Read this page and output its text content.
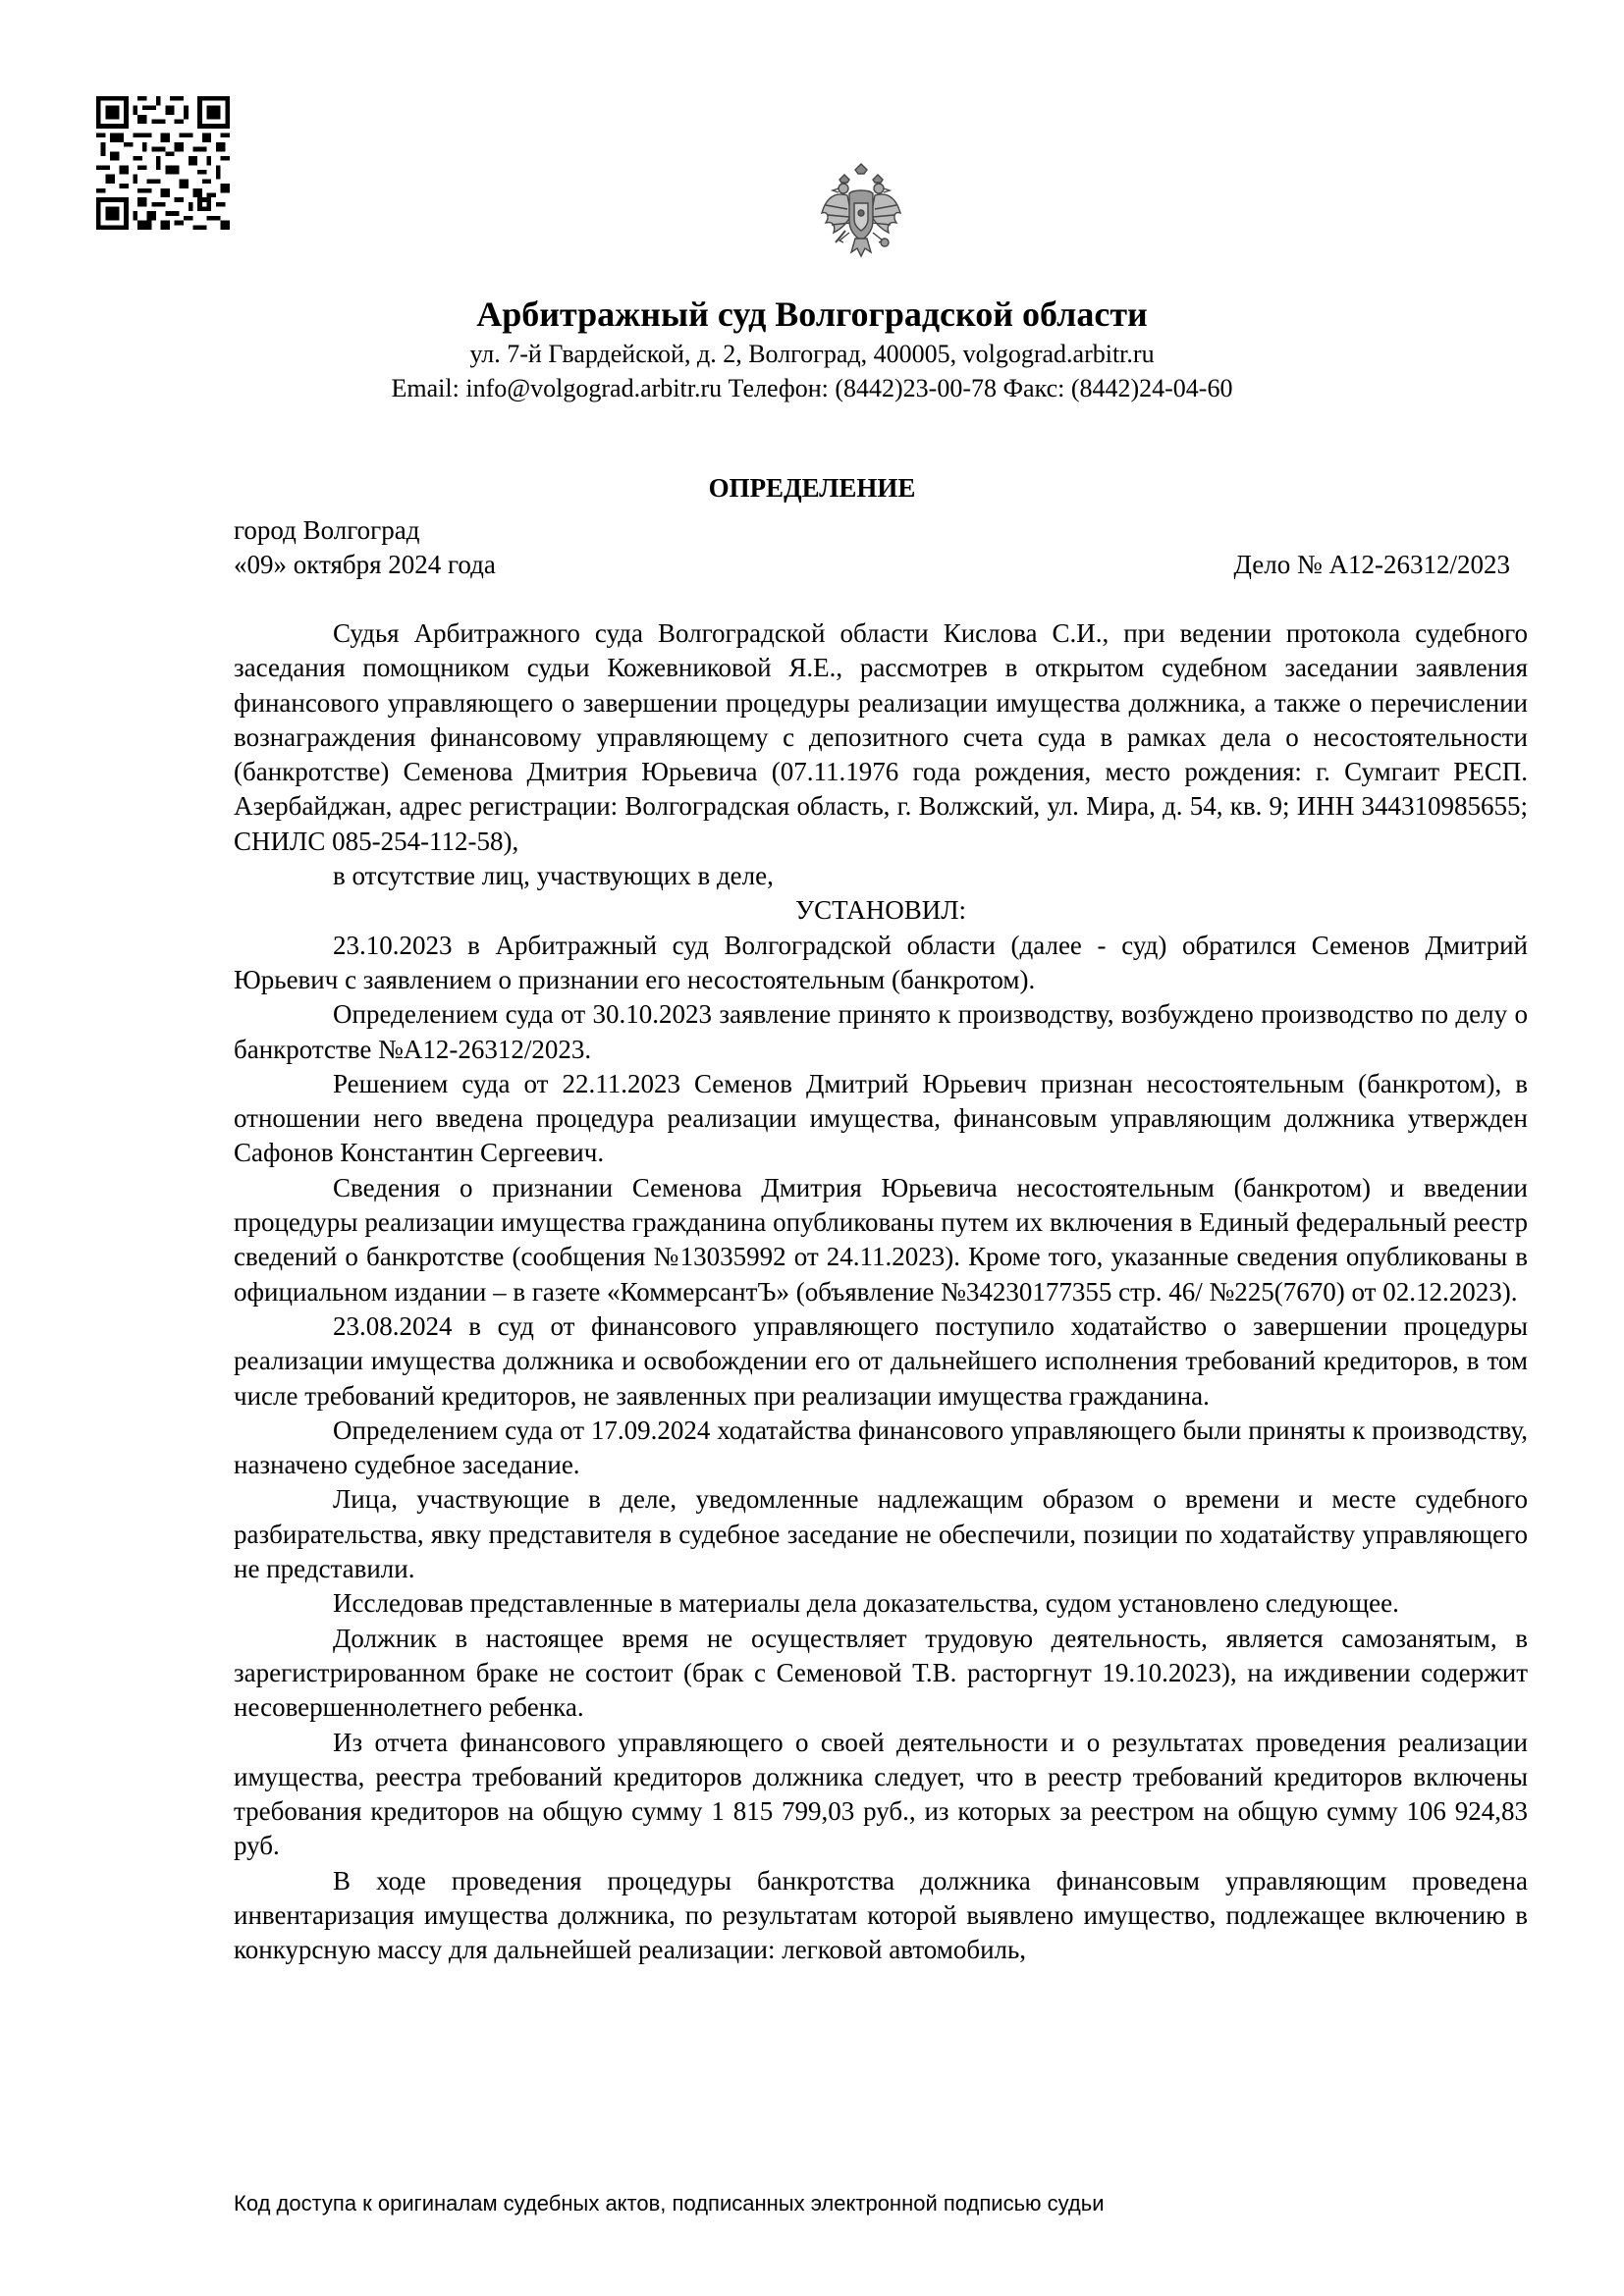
Арбитражный суд Волгоградской области

ул. 7-й Гвардейской, д. 2, Волгоград, 400005, volgograd.arbitr.ru

Email: info@volgograd.arbitr.ru Телефон: (8442)23-00-78 Факс: (8442)24-04-60

ОПРЕДЕЛЕНИЕ
город Волгоград
«09» октября 2024 года	Дело № А12-26312/2023

Судья Арбитражного суда Волгоградской области Кислова С.И., при ведении протокола судебного заседания помощником судьи Кожевниковой Я.Е., рассмотрев в открытом судебном заседании заявления финансового управляющего о завершении процедуры реализации имущества должника, а также о перечислении вознаграждения финансовому управляющему с депозитного счета суда в рамках дела о несостоятельности (банкротстве) Семенова Дмитрия Юрьевича (07.11.1976 года рождения, место рождения: г. Сумгаит РЕСП. Азербайджан, адрес регистрации: Волгоградская область, г. Волжский, ул. Мира, д. 54, кв. 9; ИНН 344310985655; СНИЛС 085-254-112-58),

в отсутствие лиц, участвующих в деле,

УСТАНОВИЛ:

23.10.2023 в Арбитражный суд Волгоградской области (далее - суд) обратился Семенов Дмитрий Юрьевич с заявлением о признании его несостоятельным (банкротом).

Определением суда от 30.10.2023 заявление принято к производству, возбуждено производство по делу о банкротстве №А12-26312/2023.

Решением суда от 22.11.2023 Семенов Дмитрий Юрьевич признан несостоятельным (банкротом), в отношении него введена процедура реализации имущества, финансовым управляющим должника утвержден Сафонов Константин Сергеевич.

Сведения о признании Семенова Дмитрия Юрьевича несостоятельным (банкротом) и введении процедуры реализации имущества гражданина опубликованы путем их включения в Единый федеральный реестр сведений о банкротстве (сообщения №13035992 от 24.11.2023). Кроме того, указанные сведения опубликованы в официальном издании – в газете «КоммерсантЪ» (объявление №34230177355 стр. 46/ №225(7670) от 02.12.2023).

23.08.2024 в суд от финансового управляющего поступило ходатайство о завершении процедуры реализации имущества должника и освобождении его от дальнейшего исполнения требований кредиторов, в том числе требований кредиторов, не заявленных при реализации имущества гражданина.

Определением суда от 17.09.2024 ходатайства финансового управляющего были приняты к производству, назначено судебное заседание.

Лица, участвующие в деле, уведомленные надлежащим образом о времени и месте судебного разбирательства, явку представителя в судебное заседание не обеспечили, позиции по ходатайству управляющего не представили.

Исследовав представленные в материалы дела доказательства, судом установлено следующее.

Должник в настоящее время не осуществляет трудовую деятельность, является самозанятым, в зарегистрированном браке не состоит (брак с Семеновой Т.В. расторгнут 19.10.2023), на иждивении содержит несовершеннолетнего ребенка.

Из отчета финансового управляющего о своей деятельности и о результатах проведения реализации имущества, реестра требований кредиторов должника следует, что в реестр требований кредиторов включены требования кредиторов на общую сумму 1 815 799,03 руб., из которых за реестром на общую сумму 106 924,83 руб.

В ходе проведения процедуры банкротства должника финансовым управляющим проведена инвентаризация имущества должника, по результатам которой выявлено имущество, подлежащее включению в конкурсную массу для дальнейшей реализации: легковой автомобиль,

Код доступа к оригиналам судебных актов, подписанных электронной подписью судьи
